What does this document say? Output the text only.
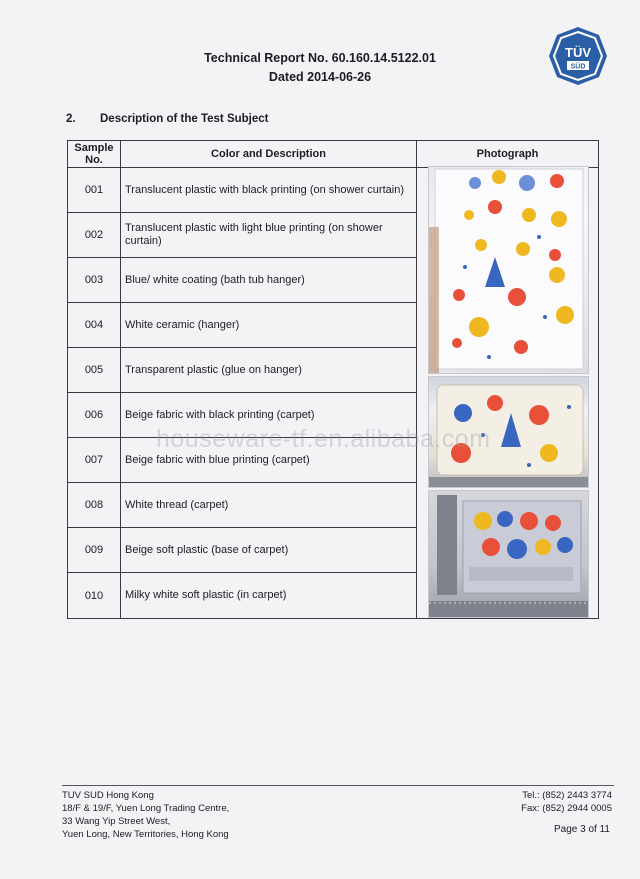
Technical Report No. 60.160.14.5122.01
Dated 2014-06-26
TÜV
SÜD
2. Description of the Test Subject
Sample No.	Color and Description	Photograph
001	Translucent plastic with black printing (on shower curtain)	
002	Translucent plastic with light blue printing (on shower curtain)	
003	Blue/ white coating (bath tub hanger)	
004	White ceramic (hanger)	
005	Transparent plastic (glue on hanger)	
006	Beige fabric with black printing (carpet)	
007	Beige fabric with blue printing (carpet)	
008	White thread (carpet)	
009	Beige soft plastic (base of carpet)	
010	Milky white soft plastic (in carpet)	
houseware-tf.en.alibaba.com
TUV SUD Hong Kong
18/F & 19/F, Yuen Long Trading Centre,
33 Wang Yip Street West,
Yuen Long, New Territories, Hong Kong
Tel.: (852) 2443 3774
Fax: (852) 2944 0005
Page 3 of 11
